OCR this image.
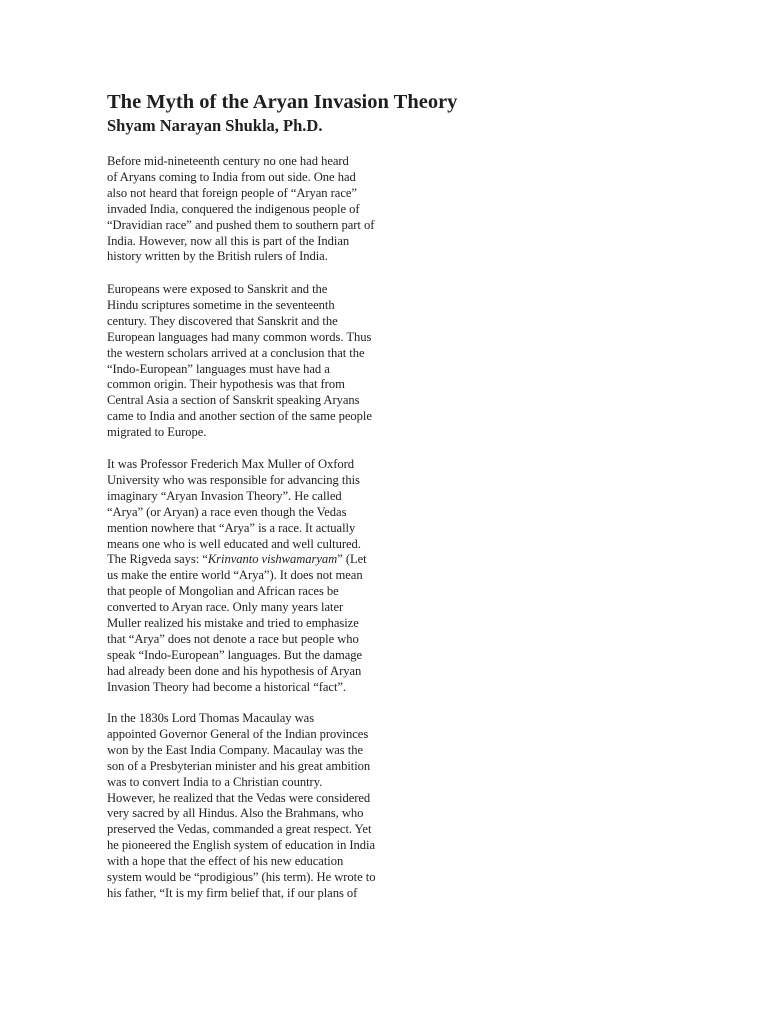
The Myth of the Aryan Invasion Theory
Shyam Narayan Shukla, Ph.D.

Before mid-nineteenth century no one had heard
of Aryans coming to India from out side. One had
also not heard that foreign people of “Aryan race”
invaded India, conquered the indigenous people of
“Dravidian race” and pushed them to southern part of
India. However, now all this is part of the Indian
history written by the British rulers of India.

Europeans were exposed to Sanskrit and the
Hindu scriptures sometime in the seventeenth
century. They discovered that Sanskrit and the
European languages had many common words. Thus
the western scholars arrived at a conclusion that the
“Indo-European” languages must have had a
common origin. Their hypothesis was that from
Central Asia a section of Sanskrit speaking Aryans
came to India and another section of the same people
migrated to Europe.

It was Professor Frederich Max Muller of Oxford
University who was responsible for advancing this
imaginary “Aryan Invasion Theory”. He called
“Arya” (or Aryan) a race even though the Vedas
mention nowhere that “Arya” is a race. It actually
means one who is well educated and well cultured.
The Rigveda says: “Krinvanto vishwamaryam” (Let
us make the entire world “Arya”). It does not mean
that people of Mongolian and African races be
converted to Aryan race. Only many years later
Muller realized his mistake and tried to emphasize
that “Arya” does not denote a race but people who
speak “Indo-European” languages. But the damage
had already been done and his hypothesis of Aryan
Invasion Theory had become a historical “fact”.

In the 1830s Lord Thomas Macaulay was
appointed Governor General of the Indian provinces
won by the East India Company. Macaulay was the
son of a Presbyterian minister and his great ambition
was to convert India to a Christian country.
However, he realized that the Vedas were considered
very sacred by all Hindus. Also the Brahmans, who
preserved the Vedas, commanded a great respect. Yet
he pioneered the English system of education in India
with a hope that the effect of his new education
system would be “prodigious” (his term). He wrote to
his father, “It is my firm belief that, if our plans of
